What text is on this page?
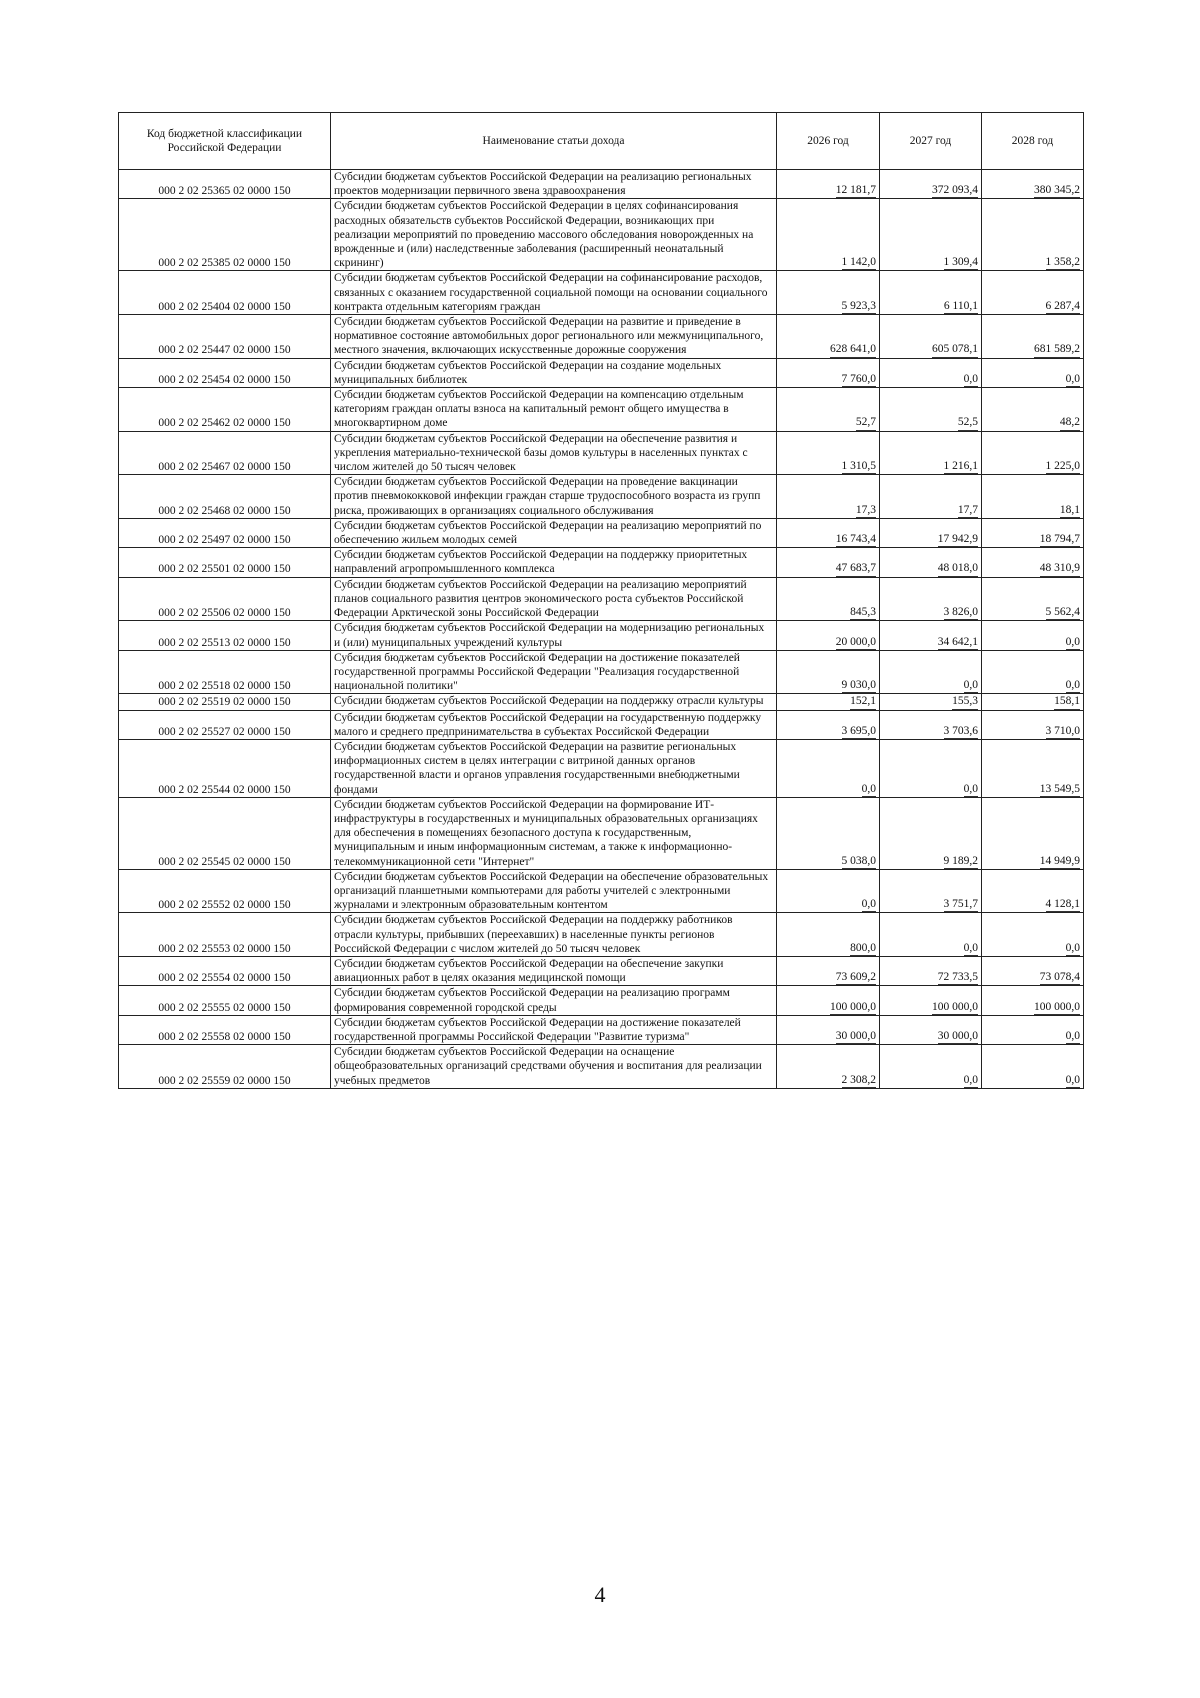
Код бюджетной классификации Российской Федерации	Наименование статьи дохода	2026 год	2027 год	2028 год
000 2 02 25365 02 0000 150	Субсидии бюджетам субъектов Российской Федерации на реализацию региональных проектов модернизации первичного звена здравоохранения	12 181,7	372 093,4	380 345,2
000 2 02 25385 02 0000 150	Субсидии бюджетам субъектов Российской Федерации в целях софинансирования расходных обязательств субъектов Российской Федерации, возникающих при реализации мероприятий по проведению массового обследования новорожденных на врожденные и (или) наследственные заболевания (расширенный неонатальный скрининг)	1 142,0	1 309,4	1 358,2
000 2 02 25404 02 0000 150	Субсидии бюджетам субъектов Российской Федерации на софинансирование расходов, связанных с оказанием государственной социальной помощи на основании социального контракта отдельным категориям граждан	5 923,3	6 110,1	6 287,4
000 2 02 25447 02 0000 150	Субсидии бюджетам субъектов Российской Федерации на развитие и приведение в нормативное состояние автомобильных дорог регионального или межмуниципального, местного значения, включающих искусственные дорожные сооружения	628 641,0	605 078,1	681 589,2
000 2 02 25454 02 0000 150	Субсидии бюджетам субъектов Российской Федерации на создание модельных муниципальных библиотек	7 760,0	0,0	0,0
000 2 02 25462 02 0000 150	Субсидии бюджетам субъектов Российской Федерации на компенсацию отдельным категориям граждан оплаты взноса на капитальный ремонт общего имущества в многоквартирном доме	52,7	52,5	48,2
000 2 02 25467 02 0000 150	Субсидии бюджетам субъектов Российской Федерации на обеспечение развития и укрепления материально-технической базы домов культуры в населенных пунктах с числом жителей до 50 тысяч человек	1 310,5	1 216,1	1 225,0
000 2 02 25468 02 0000 150	Субсидии бюджетам субъектов Российской Федерации на проведение вакцинации против пневмококковой инфекции граждан старше трудоспособного возраста из групп риска, проживающих в организациях социального обслуживания	17,3	17,7	18,1
000 2 02 25497 02 0000 150	Субсидии бюджетам субъектов Российской Федерации на реализацию мероприятий по обеспечению жильем молодых семей	16 743,4	17 942,9	18 794,7
000 2 02 25501 02 0000 150	Субсидии бюджетам субъектов Российской Федерации на поддержку приоритетных направлений агропромышленного комплекса	47 683,7	48 018,0	48 310,9
000 2 02 25506 02 0000 150	Субсидии бюджетам субъектов Российской Федерации на реализацию мероприятий планов социального развития центров экономического роста субъектов Российской Федерации Арктической зоны Российской Федерации	845,3	3 826,0	5 562,4
000 2 02 25513 02 0000 150	Субсидия бюджетам субъектов Российской Федерации на модернизацию региональных и (или) муниципальных учреждений культуры	20 000,0	34 642,1	0,0
000 2 02 25518 02 0000 150	Субсидия бюджетам субъектов Российской Федерации на достижение показателей государственной программы Российской Федерации "Реализация государственной национальной политики"	9 030,0	0,0	0,0
000 2 02 25519 02 0000 150	Субсидии бюджетам субъектов Российской Федерации на поддержку отрасли культуры	152,1	155,3	158,1
000 2 02 25527 02 0000 150	Субсидии бюджетам субъектов Российской Федерации на государственную поддержку малого и среднего предпринимательства в субъектах Российской Федерации	3 695,0	3 703,6	3 710,0
000 2 02 25544 02 0000 150	Субсидии бюджетам субъектов Российской Федерации на развитие региональных информационных систем в целях интеграции с витриной данных органов государственной власти и органов управления государственными внебюджетными фондами	0,0	0,0	13 549,5
000 2 02 25545 02 0000 150	Субсидии бюджетам субъектов Российской Федерации на формирование ИТ-инфраструктуры в государственных и муниципальных образовательных организациях для обеспечения в помещениях безопасного доступа к государственным, муниципальным и иным информационным системам, а также к информационно-телекоммуникационной сети "Интернет"	5 038,0	9 189,2	14 949,9
000 2 02 25552 02 0000 150	Субсидии бюджетам субъектов Российской Федерации на обеспечение образовательных организаций планшетными компьютерами для работы учителей с электронными журналами и электронным образовательным контентом	0,0	3 751,7	4 128,1
000 2 02 25553 02 0000 150	Субсидии бюджетам субъектов Российской Федерации на поддержку работников отрасли культуры, прибывших (переехавших) в населенные пункты регионов Российской Федерации с числом жителей до 50 тысяч человек	800,0	0,0	0,0
000 2 02 25554 02 0000 150	Субсидии бюджетам субъектов Российской Федерации на обеспечение закупки авиационных работ в целях оказания медицинской помощи	73 609,2	72 733,5	73 078,4
000 2 02 25555 02 0000 150	Субсидии бюджетам субъектов Российской Федерации на реализацию программ формирования современной городской среды	100 000,0	100 000,0	100 000,0
000 2 02 25558 02 0000 150	Субсидии бюджетам субъектов Российской Федерации на достижение показателей государственной программы Российской Федерации "Развитие туризма"	30 000,0	30 000,0	0,0
000 2 02 25559 02 0000 150	Субсидии бюджетам субъектов Российской Федерации на оснащение общеобразовательных организаций средствами обучения и воспитания для реализации учебных предметов	2 308,2	0,0	0,0
4
